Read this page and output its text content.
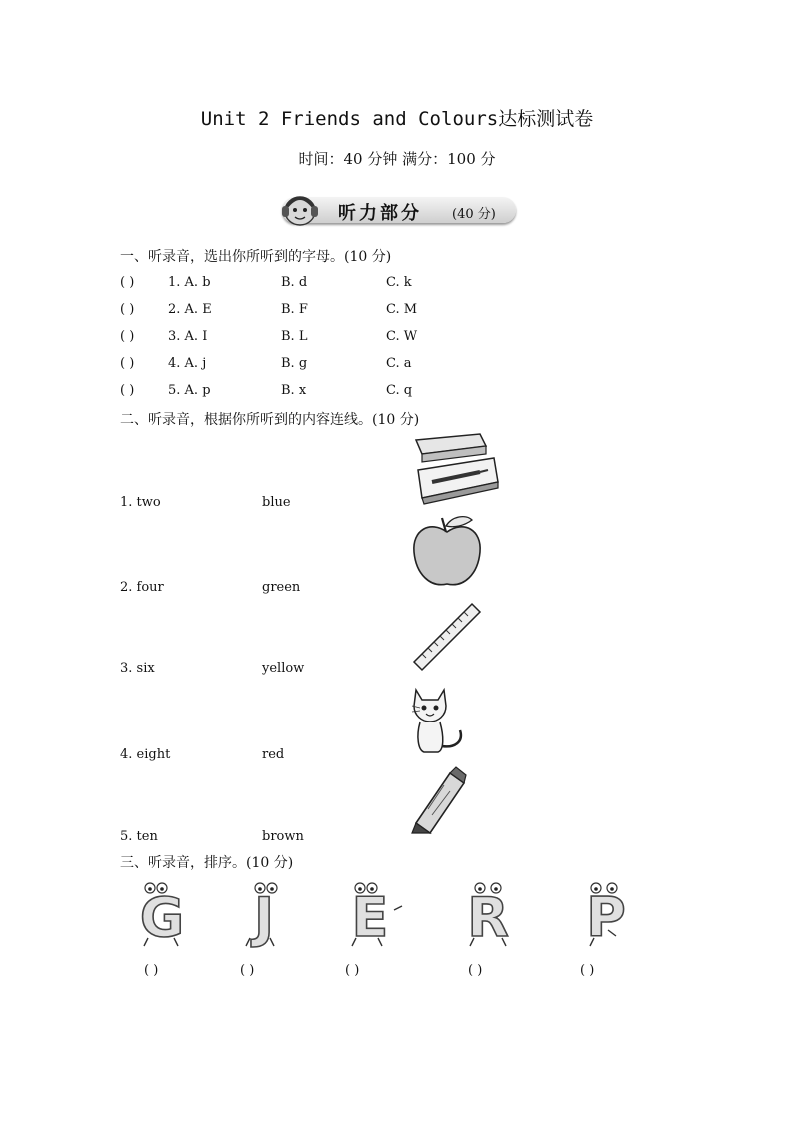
Unit 2 Friends and Colours达标测试卷
时间：40 分钟 满分：100 分
听力部分 (40 分)
一、听录音，选出你所听到的字母。(10 分)
( )	1. A. b	B. d	C. k
( )	2. A. E	B. F	C. M
( )	3. A. I	B. L	C. W
( )	4. A. j	B. g	C. a
( )	5. A. p	B. x	C. q
二、听录音，根据你所听到的内容连线。(10 分)
1. two	blue
2. four	green
3. six	yellow
4. eight	red
5. ten	brown
三、听录音，排序。(10 分)
G J E R P
( )	( )	( )	( )	( )
